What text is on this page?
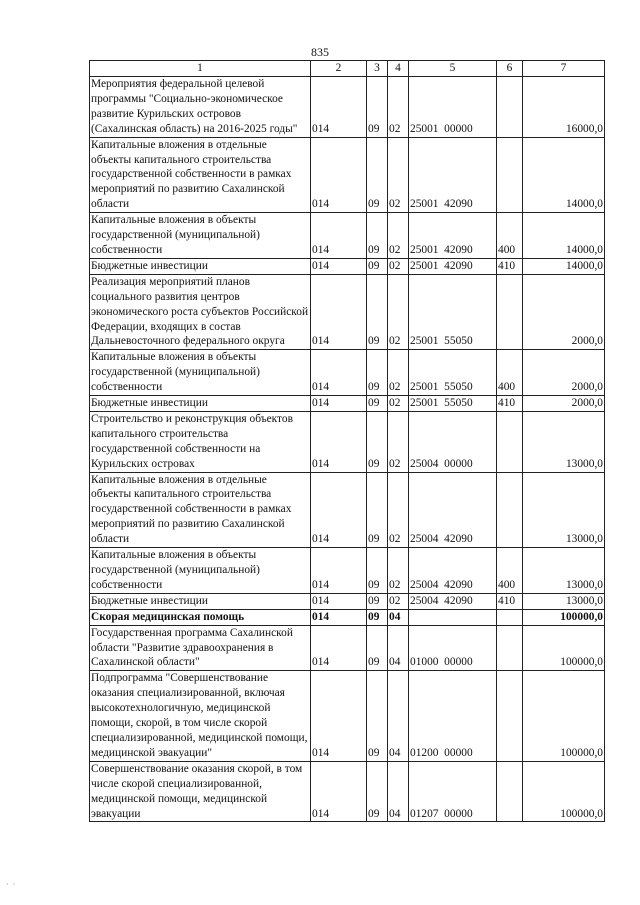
835
1	2	3	4	5	6	7
Мероприятия федеральной целевой программы "Социально-экономическое развитие Курильских островов (Сахалинская область) на 2016-2025 годы"	014	09	02	25001  00000		16000,0
Капитальные вложения в отдельные объекты капитального строительства государственной собственности в рамках мероприятий по развитию Сахалинской области	014	09	02	25001  42090		14000,0
Капитальные вложения в объекты государственной (муниципальной) собственности	014	09	02	25001  42090	400	14000,0
Бюджетные инвестиции	014	09	02	25001  42090	410	14000,0
Реализация мероприятий планов социального развития центров экономического роста субъектов Российской Федерации, входящих в состав Дальневосточного федерального округа	014	09	02	25001  55050		2000,0
Капитальные вложения в объекты государственной (муниципальной) собственности	014	09	02	25001  55050	400	2000,0
Бюджетные инвестиции	014	09	02	25001  55050	410	2000,0
Строительство и реконструкция объектов капитального строительства государственной собственности на Курильских островах	014	09	02	25004  00000		13000,0
Капитальные вложения в отдельные объекты капитального строительства государственной собственности в рамках мероприятий по развитию Сахалинской области	014	09	02	25004  42090		13000,0
Капитальные вложения в объекты государственной (муниципальной) собственности	014	09	02	25004  42090	400	13000,0
Бюджетные инвестиции	014	09	02	25004  42090	410	13000,0
Скорая медицинская помощь	014	09	04			100000,0
Государственная программа Сахалинской области "Развитие здравоохранения в Сахалинской области"	014	09	04	01000  00000		100000,0
Подпрограмма "Совершенствование оказания специализированной, включая высокотехнологичную, медицинской помощи, скорой, в том числе скорой специализированной, медицинской помощи, медицинской эвакуации"	014	09	04	01200  00000		100000,0
Совершенствование оказания скорой, в том числе скорой специализированной, медицинской помощи, медицинской эвакуации	014	09	04	01207  00000		100000,0
·  ·
